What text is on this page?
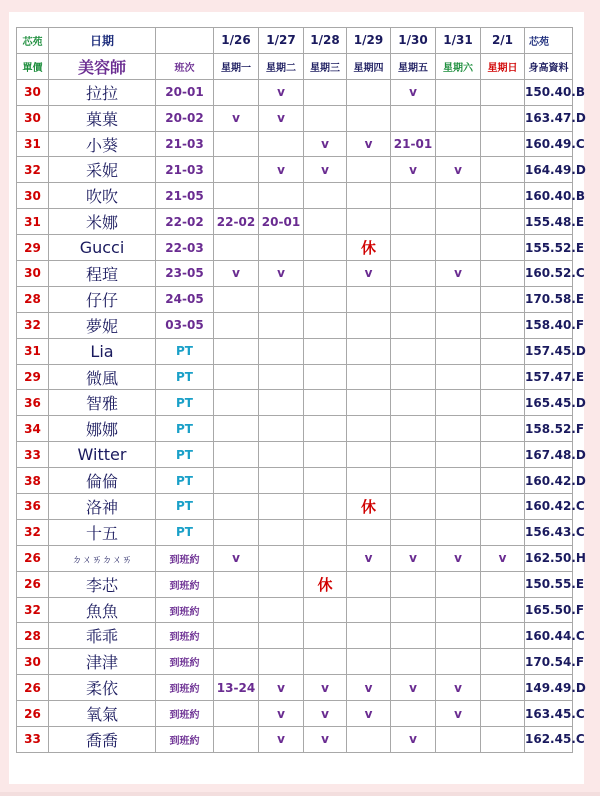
芯苑	日期		1/26	1/27	1/28	1/29	1/30	1/31	2/1	芯苑
單價	美容師	班次	星期一	星期二	星期三	星期四	星期五	星期六	星期日	身高資料
30	拉拉	20-01		v			v			150.40.B
30	菓菓	20-02	v	v						163.47.D
31	小葵	21-03			v	v	21-01			160.49.C
32	采妮	21-03		v	v		v	v		164.49.D
30	吹吹	21-05								160.40.B
31	米娜	22-02	22-02	20-01						155.48.E
29	Gucci	22-03				休				155.52.E
30	程瑄	23-05	v	v		v		v		160.52.C
28	仔仔	24-05								170.58.E
32	夢妮	03-05								158.40.F
31	Lia	PT								157.45.D
29	微風	PT								157.47.E
36	智雅	PT								165.45.D
34	娜娜	PT								158.52.F
33	Witter	PT								167.48.D
38	倫倫	PT								160.42.D
36	洛神	PT				休				160.42.C
32	十五	PT								156.43.C
26	ㄉㄨㄞㄉㄨㄞ	到班約	v			v	v	v	v	162.50.H
26	李芯	到班約			休					150.55.E
32	魚魚	到班約								165.50.F
28	乖乖	到班約								160.44.C
30	津津	到班約								170.54.F
26	柔依	到班約	13-24	v	v	v	v	v		149.49.D
26	氧氣	到班約		v	v	v		v		163.45.C
33	喬喬	到班約		v	v		v			162.45.C
